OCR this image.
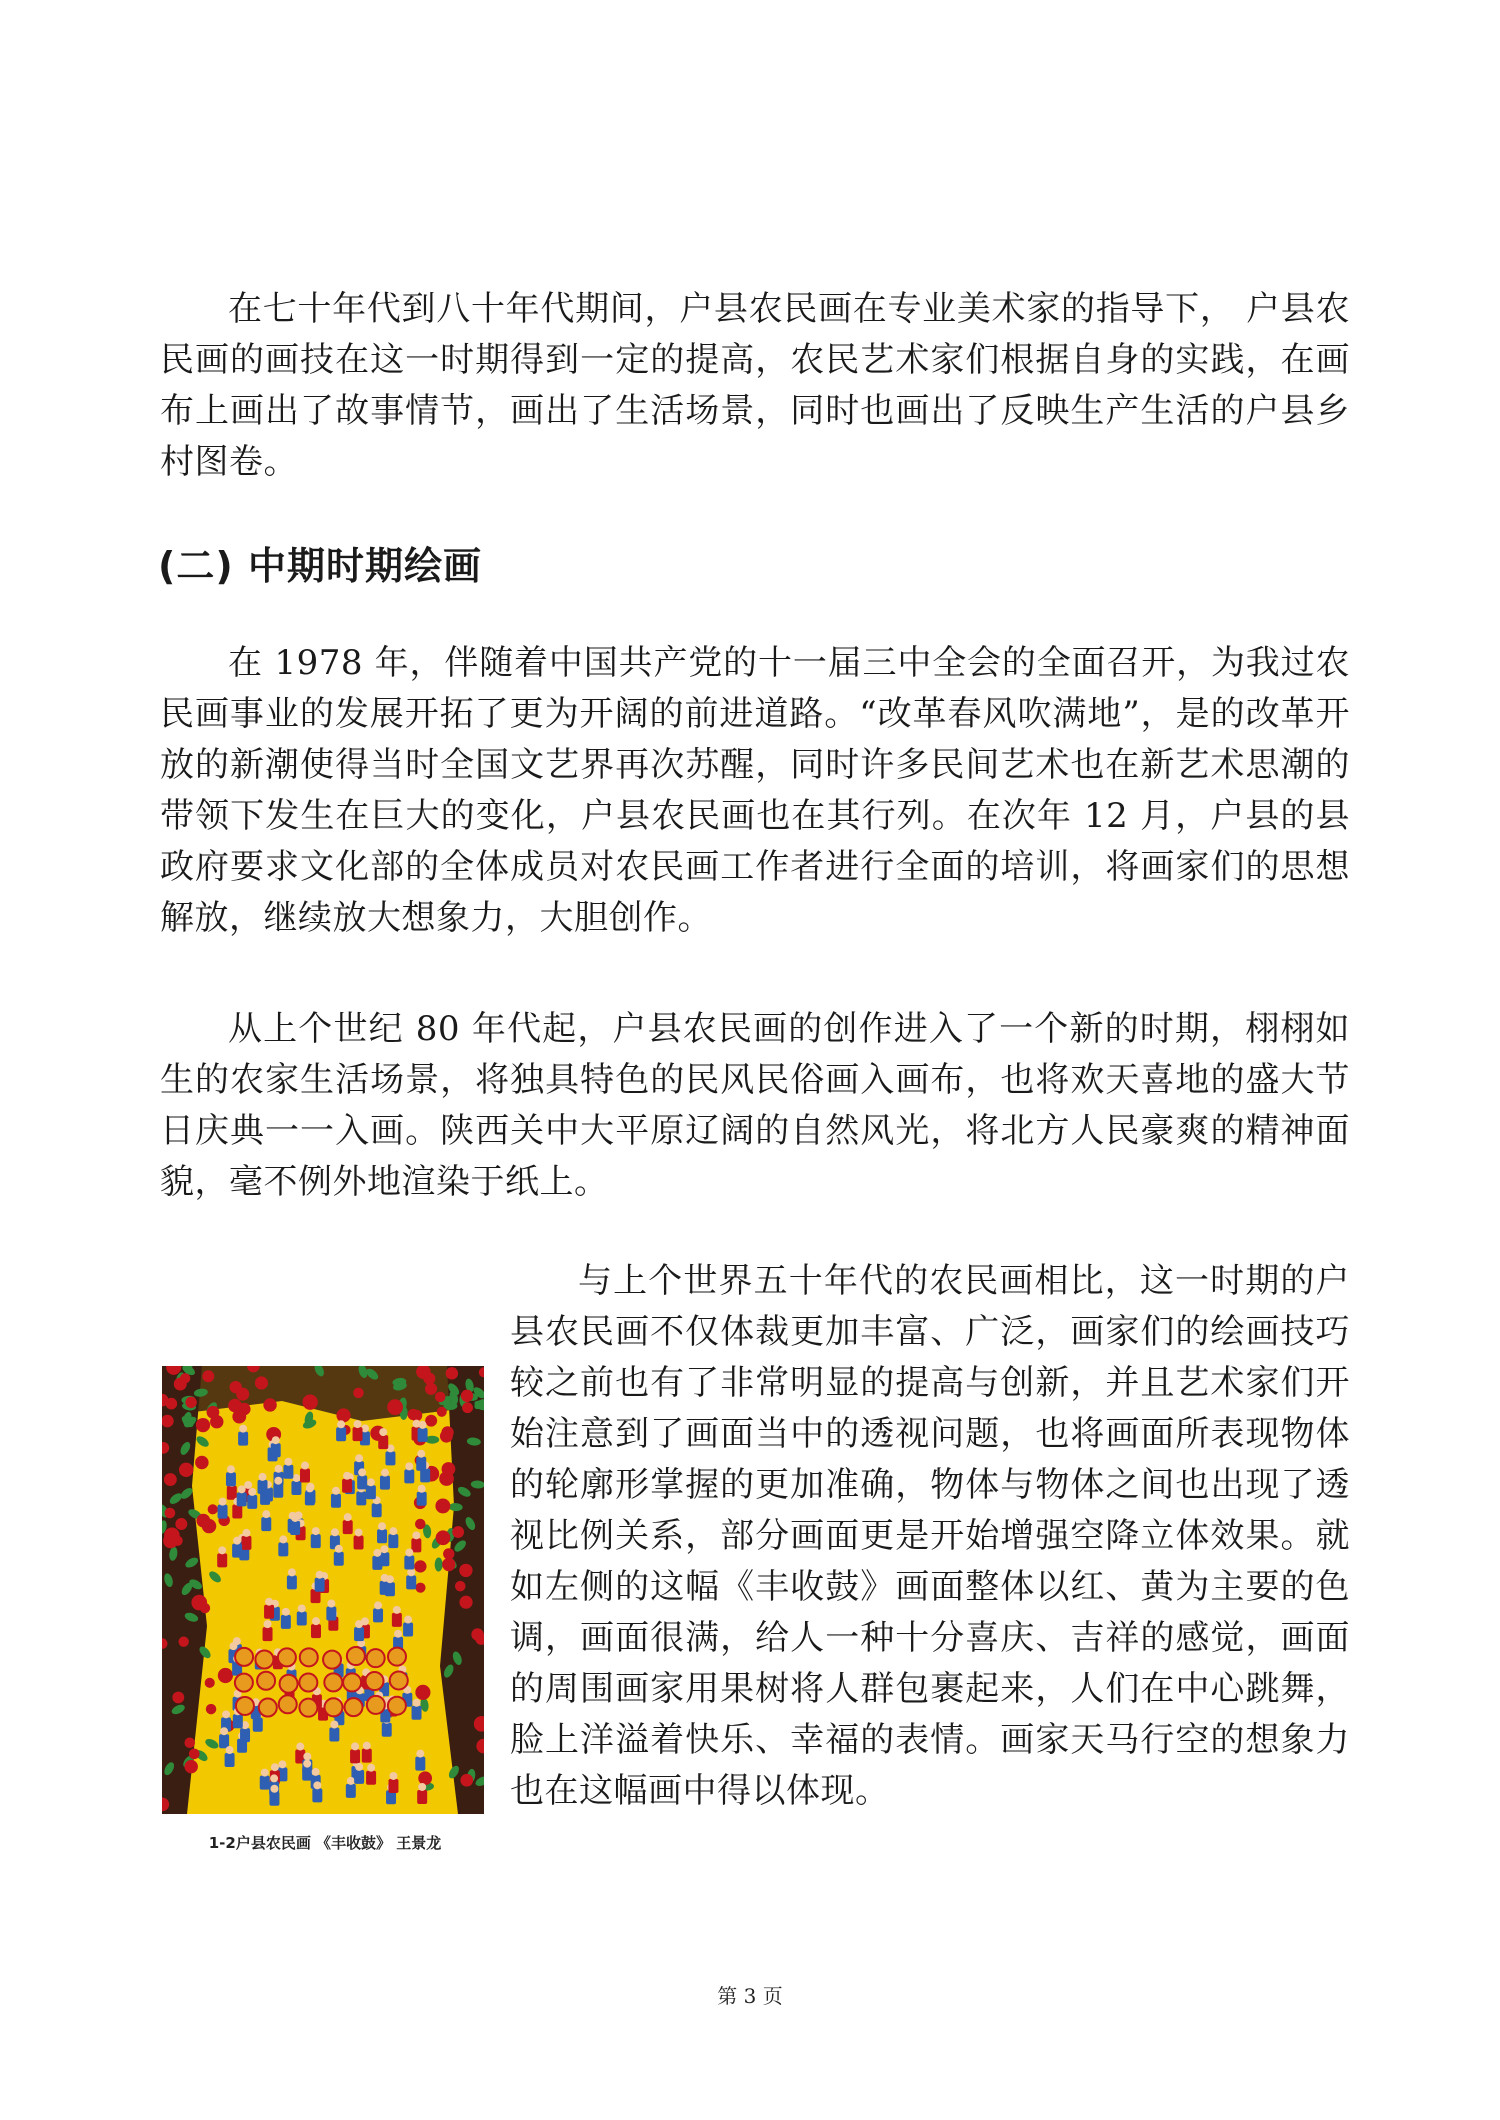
在七十年代到八十年代期间，户县农民画在专业美术家的指导下， 户县农民画的画技在这一时期得到一定的提高，农民艺术家们根据自身的实践，在画布上画出了故事情节，画出了生活场景，同时也画出了反映生产生活的户县乡村图卷。

(二) 中期时期绘画

在 1978 年，伴随着中国共产党的十一届三中全会的全面召开，为我过农民画事业的发展开拓了更为开阔的前进道路。“改革春风吹满地”，是的改革开放的新潮使得当时全国文艺界再次苏醒，同时许多民间艺术也在新艺术思潮的带领下发生在巨大的变化，户县农民画也在其行列。在次年 12 月，户县的县政府要求文化部的全体成员对农民画工作者进行全面的培训，将画家们的思想解放，继续放大想象力，大胆创作。

从上个世纪 80 年代起，户县农民画的创作进入了一个新的时期，栩栩如生的农家生活场景，将独具特色的民风民俗画入画布，也将欢天喜地的盛大节日庆典一一入画。陕西关中大平原辽阔的自然风光，将北方人民豪爽的精神面貌，毫不例外地渲染于纸上。

与上个世界五十年代的农民画相比，这一时期的户县农民画不仅体裁更加丰富、广泛，画家们的绘画技巧较之前也有了非常明显的提高与创新，并且艺术家们开始注意到了画面当中的透视问题，也将画面所表现物体的轮廓形掌握的更加准确，物体与物体之间也出现了透视比例关系，部分画面更是开始增强空降立体效果。就如左侧的这幅《丰收鼓》画面整体以红、黄为主要的色调，画面很满，给人一种十分喜庆、吉祥的感觉，画面的周围画家用果树将人群包裹起来，人们在中心跳舞，脸上洋溢着快乐、幸福的表情。画家天马行空的想象力也在这幅画中得以体现。

1-2户县农民画 《丰收鼓》 王景龙

第 3 页
